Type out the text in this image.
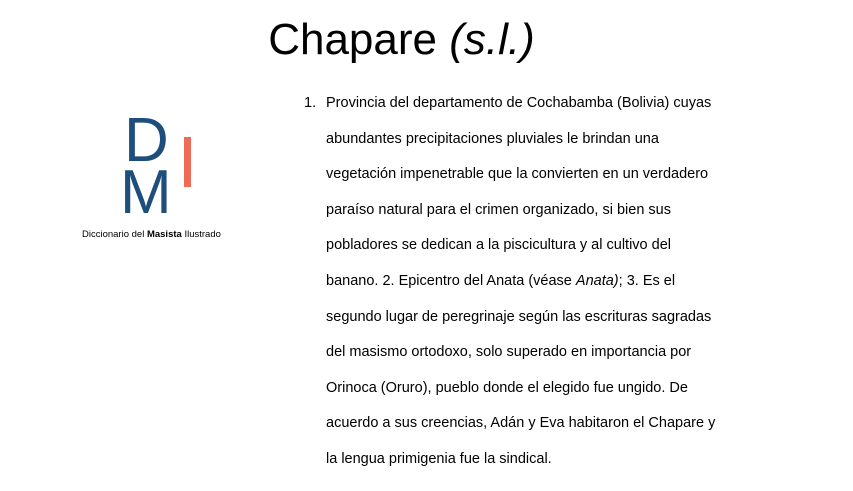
Chapare (s.l.)
D
M
Diccionario del Masista Ilustrado
1. Provincia del departamento de Cochabamba (Bolivia) cuyas
abundantes precipitaciones pluviales le brindan una
vegetación impenetrable que la convierten en un verdadero
paraíso natural para el crimen organizado, si bien sus
pobladores se dedican a la piscicultura y al cultivo del
banano. 2. Epicentro del Anata (véase Anata); 3. Es el
segundo lugar de peregrinaje según las escrituras sagradas
del masismo ortodoxo, solo superado en importancia por
Orinoca (Oruro), pueblo donde el elegido fue ungido. De
acuerdo a sus creencias, Adán y Eva habitaron el Chapare y
la lengua primigenia fue la sindical.
